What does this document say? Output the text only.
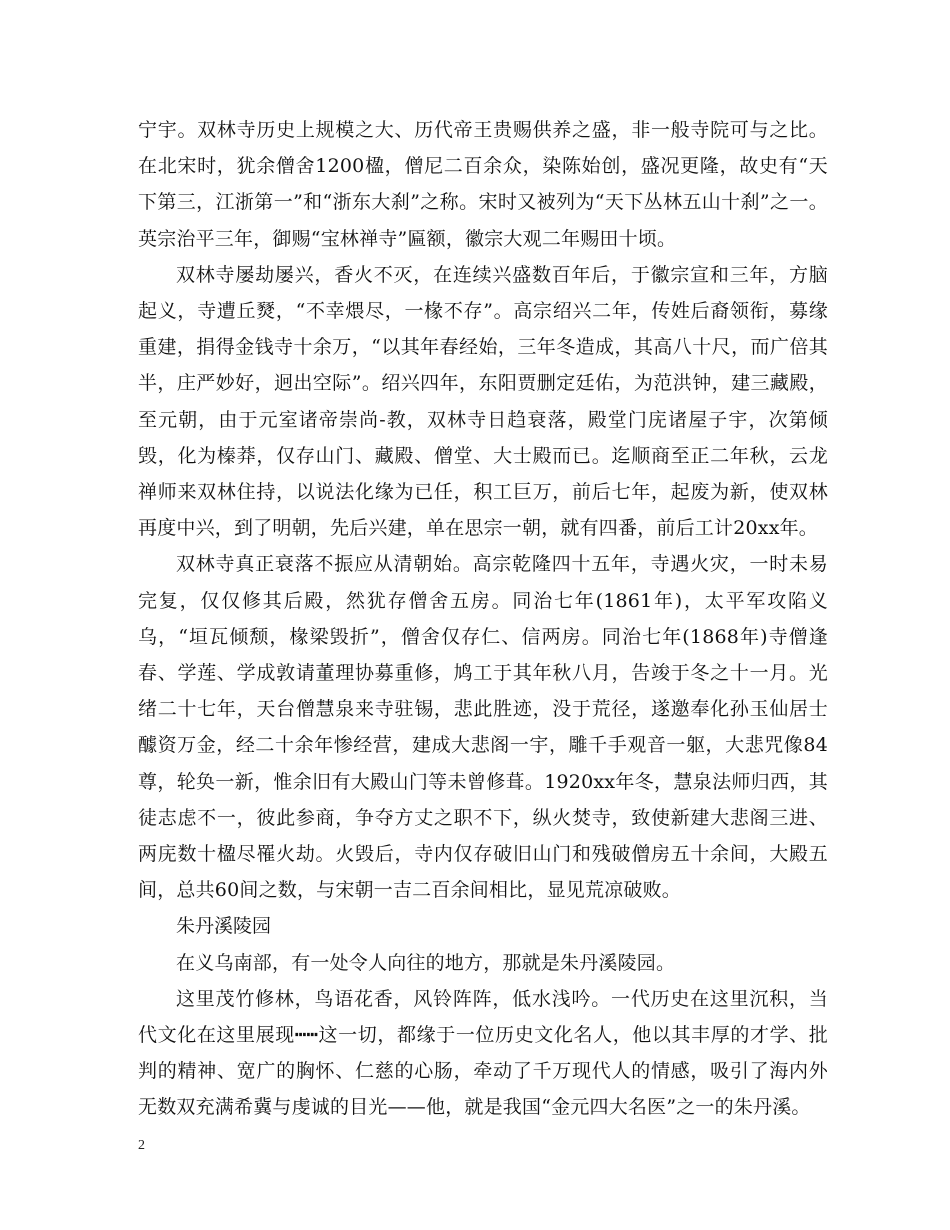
宁宇。双林寺历史上规模之大、历代帝王贵赐供养之盛，非一般寺院可与之比。在北宋时，犹余僧舍1200楹，僧尼二百余众，染陈始创，盛况更隆，故史有“天下第三，江浙第一”和“浙东大刹”之称。宋时又被列为“天下丛林五山十刹”之一。英宗治平三年，御赐“宝林禅寺”匾额，徽宗大观二年赐田十顷。

双林寺屡劫屡兴，香火不灭，在连续兴盛数百年后，于徽宗宣和三年，方脑起义，寺遭丘燹，“不幸煨尽，一椽不存”。高宗绍兴二年，传姓后裔领衔，募缘重建，捐得金钱寺十余万，“以其年春经始，三年冬造成，其高八十尺，而广倍其半，庄严妙好，迥出空际”。绍兴四年，东阳贾删定廷佑，为范洪钟，建三藏殿，至元朝，由于元室诸帝崇尚-教，双林寺日趋衰落，殿堂门庑诸屋子宇，次第倾毁，化为榛莽，仅存山门、藏殿、僧堂、大士殿而已。迄顺商至正二年秋，云龙禅师来双林住持，以说法化缘为已任，积工巨万，前后七年，起废为新，使双林再度中兴，到了明朝，先后兴建，单在思宗一朝，就有四番，前后工计20xx年。

双林寺真正衰落不振应从清朝始。高宗乾隆四十五年，寺遇火灾，一时未易完复，仅仅修其后殿，然犹存僧舍五房。同治七年(1861年)，太平军攻陷义乌，“垣瓦倾颓，椽梁毁折”，僧舍仅存仁、信两房。同治七年(1868年)寺僧逢春、学莲、学成敦请董理协募重修，鸠工于其年秋八月，告竣于冬之十一月。光绪二十七年，天台僧慧泉来寺驻锡，悲此胜迹，没于荒径，遂邀奉化孙玉仙居士醵资万金，经二十余年惨经营，建成大悲阁一宇，雕千手观音一躯，大悲咒像84尊，轮奂一新，惟余旧有大殿山门等未曾修葺。1920xx年冬，慧泉法师归西，其徒志虑不一，彼此参商，争夺方丈之职不下，纵火焚寺，致使新建大悲阁三进、两庑数十楹尽罹火劫。火毁后，寺内仅存破旧山门和残破僧房五十余间，大殿五间，总共60间之数，与宋朝一吉二百余间相比，显见荒凉破败。

朱丹溪陵园

在义乌南部，有一处令人向往的地方，那就是朱丹溪陵园。

这里茂竹修林，鸟语花香，风铃阵阵，低水浅吟。一代历史在这里沉积，当代文化在这里展现┅┅这一切，都缘于一位历史文化名人，他以其丰厚的才学、批判的精神、宽广的胸怀、仁慈的心肠，牵动了千万现代人的情感，吸引了海内外无数双充满希冀与虔诚的目光——他，就是我国“金元四大名医”之一的朱丹溪。

2
